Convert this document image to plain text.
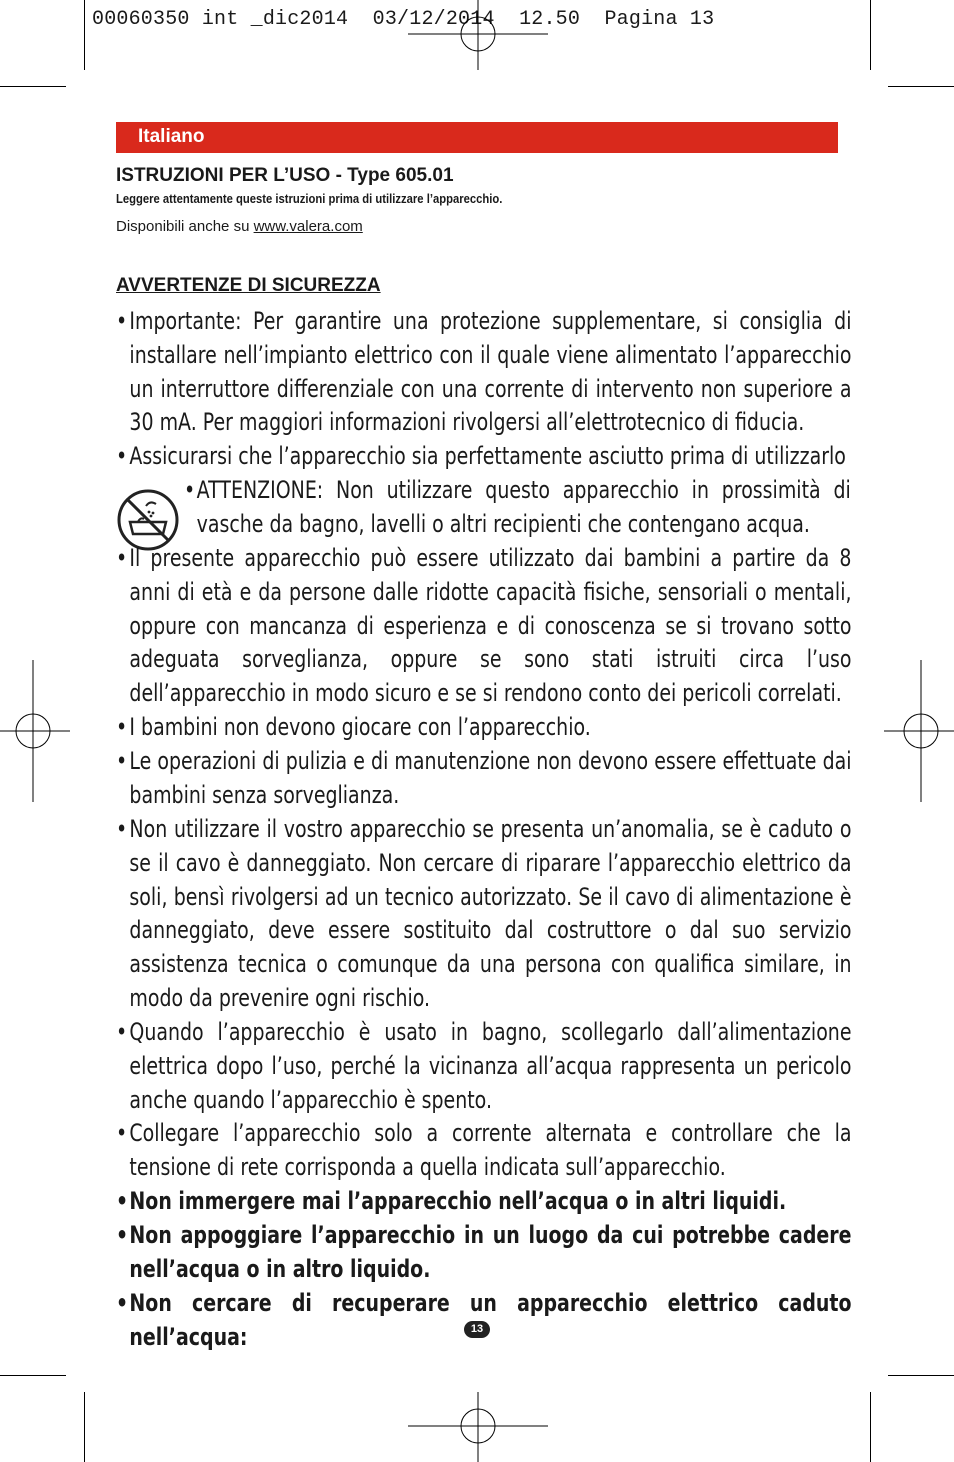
00060350 int _dic2014  03/12/2014  12.50  Pagina 13
Italiano
ISTRUZIONI PER L’USO - Type 605.01
Leggere attentamente queste istruzioni prima di utilizzare l’apparecchio.
Disponibili anche su www.valera.com
AVVERTENZE DI SICUREZZA
• Importante: Per garantire una protezione supplementare, si consiglia di installare nell’impianto elettrico con il quale viene alimentato l’apparecchio un interruttore differenziale con una corrente di intervento non superiore a 30 mA. Per maggiori informazioni rivolgersi all’elettrotecnico di fiducia.
• Assicurarsi che l’apparecchio sia perfettamente asciutto prima di utilizzarlo
• ATTENZIONE: Non utilizzare questo apparecchio in prossimità di vasche da bagno, lavelli o altri recipienti che contengano acqua.
• Il presente apparecchio può essere utilizzato dai bambini a partire da 8 anni di età e da persone dalle ridotte capacità fisiche, sensoriali o mentali, oppure con mancanza di esperienza e di conoscenza se si trovano sotto adeguata sorveglianza, oppure se sono stati istruiti circa l’uso dell’apparecchio in modo sicuro e se si rendono conto dei pericoli correlati.
• I bambini non devono giocare con l’apparecchio.
• Le operazioni di pulizia e di manutenzione non devono essere effettuate dai bambini senza sorveglianza.
• Non utilizzare il vostro apparecchio se presenta un’anomalia, se è caduto o se il cavo è danneggiato. Non cercare di riparare l’apparecchio elettrico da soli, bensì rivolgersi ad un tecnico autorizzato. Se il cavo di alimentazione è danneggiato, deve essere sostituito dal costruttore o dal suo servizio assistenza tecnica o comunque da una persona con qualifica similare, in modo da prevenire ogni rischio.
• Quando l’apparecchio è usato in bagno, scollegarlo dall’alimentazione elettrica dopo l’uso, perché la vicinanza all’acqua rappresenta un pericolo anche quando l’apparecchio è spento.
• Collegare l’apparecchio solo a corrente alternata e controllare che la tensione di rete corrisponda a quella indicata sull’apparecchio.
• Non immergere mai l’apparecchio nell’acqua o in altri liquidi.
• Non appoggiare l’apparecchio in un luogo da cui potrebbe cadere nell’acqua o in altro liquido.
• Non cercare di recuperare un apparecchio elettrico caduto nell’acqua:	13
